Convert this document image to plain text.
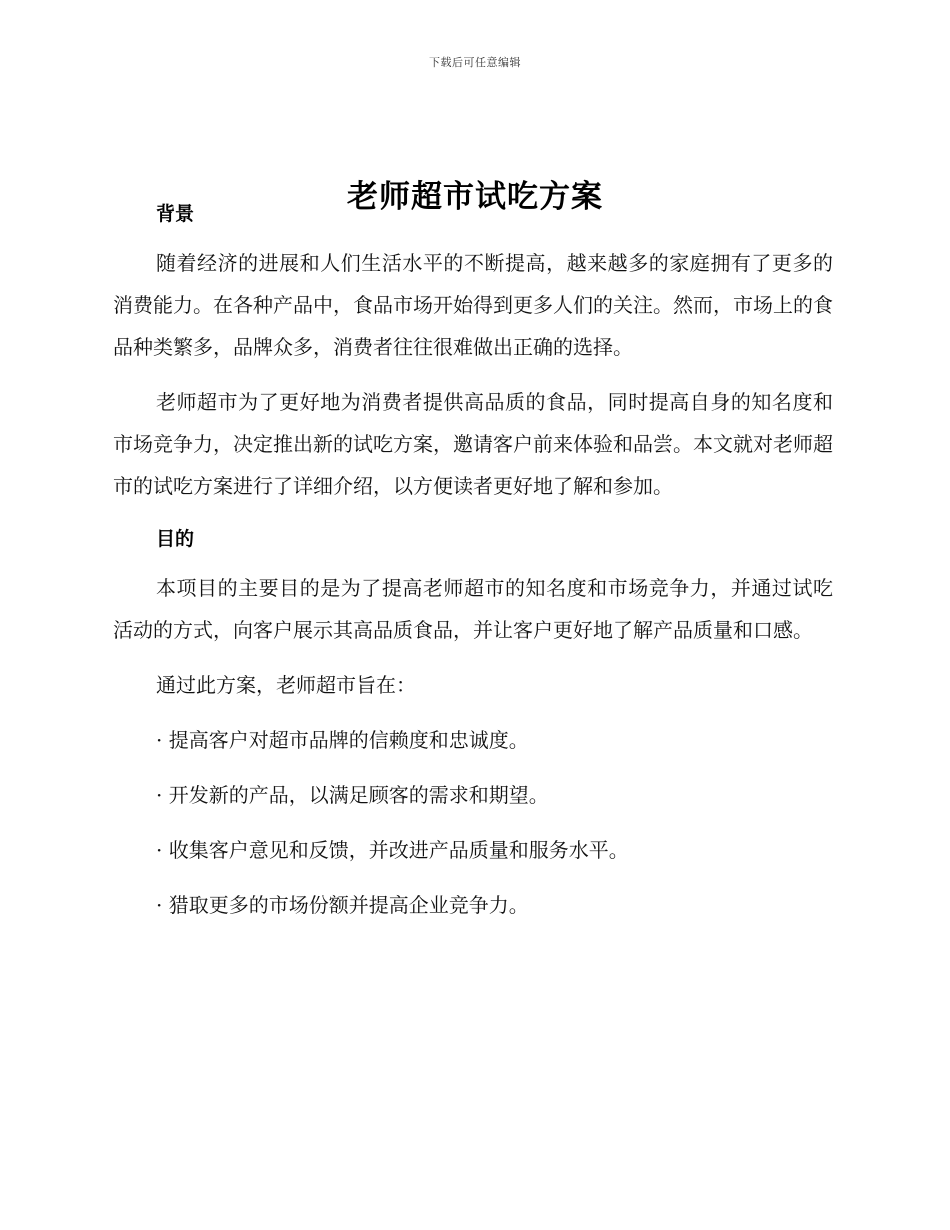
下载后可任意编辑
老师超市试吃方案
背景

随着经济的进展和人们生活水平的不断提高，越来越多的家庭拥有了更多的消费能力。在各种产品中，食品市场开始得到更多人们的关注。然而，市场上的食品种类繁多，品牌众多，消费者往往很难做出正确的选择。

老师超市为了更好地为消费者提供高品质的食品，同时提高自身的知名度和市场竞争力，决定推出新的试吃方案，邀请客户前来体验和品尝。本文就对老师超市的试吃方案进行了详细介绍，以方便读者更好地了解和参加。

目的

本项目的主要目的是为了提高老师超市的知名度和市场竞争力，并通过试吃活动的方式，向客户展示其高品质食品，并让客户更好地了解产品质量和口感。

通过此方案，老师超市旨在：

· 提高客户对超市品牌的信赖度和忠诚度。

· 开发新的产品，以满足顾客的需求和期望。

· 收集客户意见和反馈，并改进产品质量和服务水平。

· 猎取更多的市场份额并提高企业竞争力。
